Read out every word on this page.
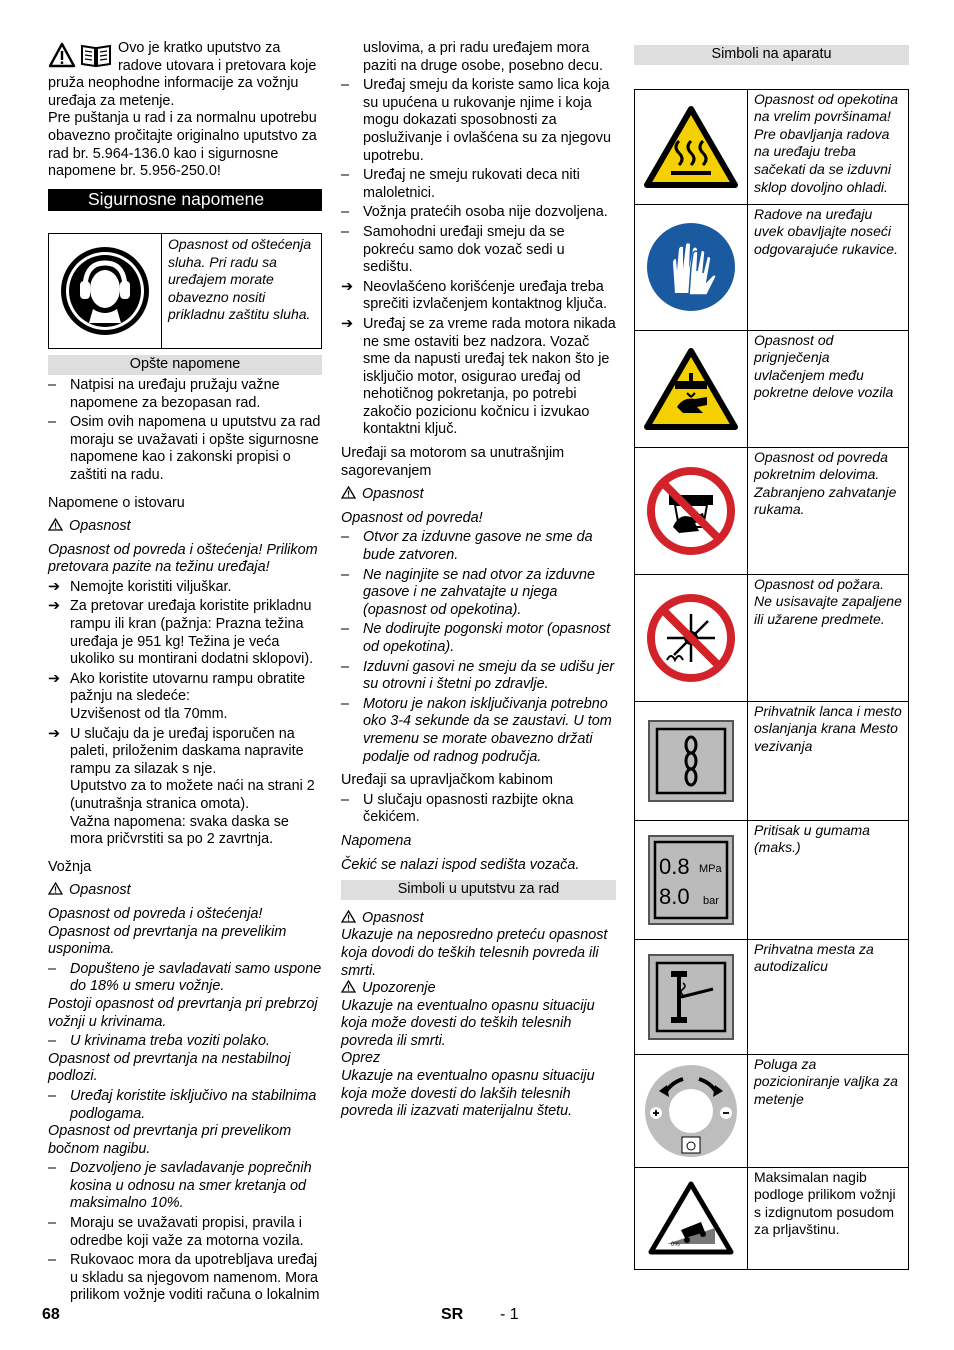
Ovo je kratko uputstvo za radove utovara i pretovara koje pruža neophodne informacije za vožnju uređaja za metenje.

Pre puštanja u rad i za normalnu upotrebu obavezno pročitajte originalno uputstvo za rad br. 5.964-136.0 kao i sigurnosne napomene br. 5.956-250.0!

Sigurnosne napomene
Opasnost od oštećenja sluha. Pri radu sa uređajem morate obavezno nositi prikladnu zaštitu sluha.
Opšte napomene
– Natpisi na uređaju pružaju važne napomene za bezopasan rad.
– Osim ovih napomena u uputstvu za rad moraju se uvažavati i opšte sigurnosne napomene kao i zakonski propisi o zaštiti na radu.

Napomene o istovaru

Opasnost

Opasnost od povreda i oštećenja! Prilikom pretovara pazite na težinu uređaja!

➔ Nemojte koristiti viljuškar.
➔ Za pretovar uređaja koristite prikladnu rampu ili kran (pažnja: Prazna težina uređaja je 951 kg! Težina je veća ukoliko su montirani dodatni sklopovi).
➔ Ako koristite utovarnu rampu obratite pažnju na sledeće:

Uzvišenost od tla 70mm.

➔ U slučaju da je uređaj isporučen na paleti, priloženim daskama napravite rampu za silazak s nje.

Uputstvo za to možete naći na strani 2 (unutrašnja stranica omota).

Važna napomena: svaka daska se mora pričvrstiti sa po 2 zavrtnja.

Vožnja

Opasnost

Opasnost od povreda i oštećenja!

Opasnost od prevrtanja na prevelikim usponima.

– Dopušteno je savladavati samo uspone do 18% u smeru vožnje.

Postoji opasnost od prevrtanja pri prebrzoj vožnji u krivinama.

– U krivinama treba voziti polako.

Opasnost od prevrtanja na nestabilnoj podlozi.

– Uređaj koristite isključivo na stabilnima podlogama.

Opasnost od prevrtanja pri prevelikom bočnom nagibu.

– Dozvoljeno je savladavanje poprečnih kosina u odnosu na smer kretanja od maksimalno 10%.
– Moraju se uvažavati propisi, pravila i odredbe koji važe za motorna vozila.
– Rukovaoc mora da upotrebljava uređaj u skladu sa njegovom namenom. Mora prilikom vožnje voditi računa o lokalnim

uslovima, a pri radu uređajem mora paziti na druge osobe, posebno decu.

– Uređaj smeju da koriste samo lica koja su upućena u rukovanje njime i koja mogu dokazati sposobnosti za posluživanje i ovlašćena su za njegovu upotrebu.
– Uređaj ne smeju rukovati deca niti maloletnici.
– Vožnja pratećih osoba nije dozvoljena.
– Samohodni uređaji smeju da se pokreću samo dok vozač sedi u sedištu.
➔ Neovlašćeno korišćenje uređaja treba sprečiti izvlačenjem kontaktnog ključa.
➔ Uređaj se za vreme rada motora nikada ne sme ostaviti bez nadzora. Vozač sme da napusti uređaj tek nakon što je isključio motor, osigurao uređaj od nehotičnog pokretanja, po potrebi zakočio pozicionu kočnicu i izvukao kontaktni ključ.

Uređaji sa motorom sa unutrašnjim sagorevanjem

Opasnost

Opasnost od povreda!

– Otvor za izduvne gasove ne sme da bude zatvoren.
– Ne naginjite se nad otvor za izduvne gasove i ne zahvatajte u njega (opasnost od opekotina).
– Ne dodirujte pogonski motor (opasnost od opekotina).
– Izduvni gasovi ne smeju da se udišu jer su otrovni i štetni po zdravlje.
– Motoru je nakon isključivanja potrebno oko 3-4 sekunde da se zaustavi. U tom vremenu se morate obavezno držati podalje od radnog područja.

Uređaji sa upravljačkom kabinom

– U slučaju opasnosti razbijte okna čekićem.

Napomena

Čekić se nalazi ispod sedišta vozača.

Simboli u uputstvu za rad

Opasnost

Ukazuje na neposredno preteću opasnost koja dovodi do teških telesnih povreda ili smrti.

Upozorenje

Ukazuje na eventualno opasnu situaciju koja može dovesti do teških telesnih povreda ili smrti.

Oprez

Ukazuje na eventualno opasnu situaciju koja može dovesti do lakših telesnih povreda ili izazvati materijalnu štetu.

Simboli na aparatu
Opasnost od opekotina na vrelim površinama! Pre obavljanja radova na uređaju treba sačekati da se izduvni sklop dovoljno ohladi.
Radove na uređaju uvek obavljajte noseći odgovarajuće rukavice.
Opasnost od prignječenja uvlačenjem među pokretne delove vozila
Opasnost od povreda pokretnim delovima. Zabranjeno zahvatanje rukama.
Opasnost od požara. Ne usisavajte zapaljene ili užarene predmete.
Prihvatnik lanca i mesto oslanjanja krana Mesto vezivanja
0.8 MPa
8.0 bar
Pritisak u gumama (maks.)
Prihvatna mesta za autodizalicu
Poluga za pozicioniranje valjka za metenje
0%
Maksimalan nagib podloge prilikom vožnji s izdignutom posudom za prljavštinu.
68	SR - 1
